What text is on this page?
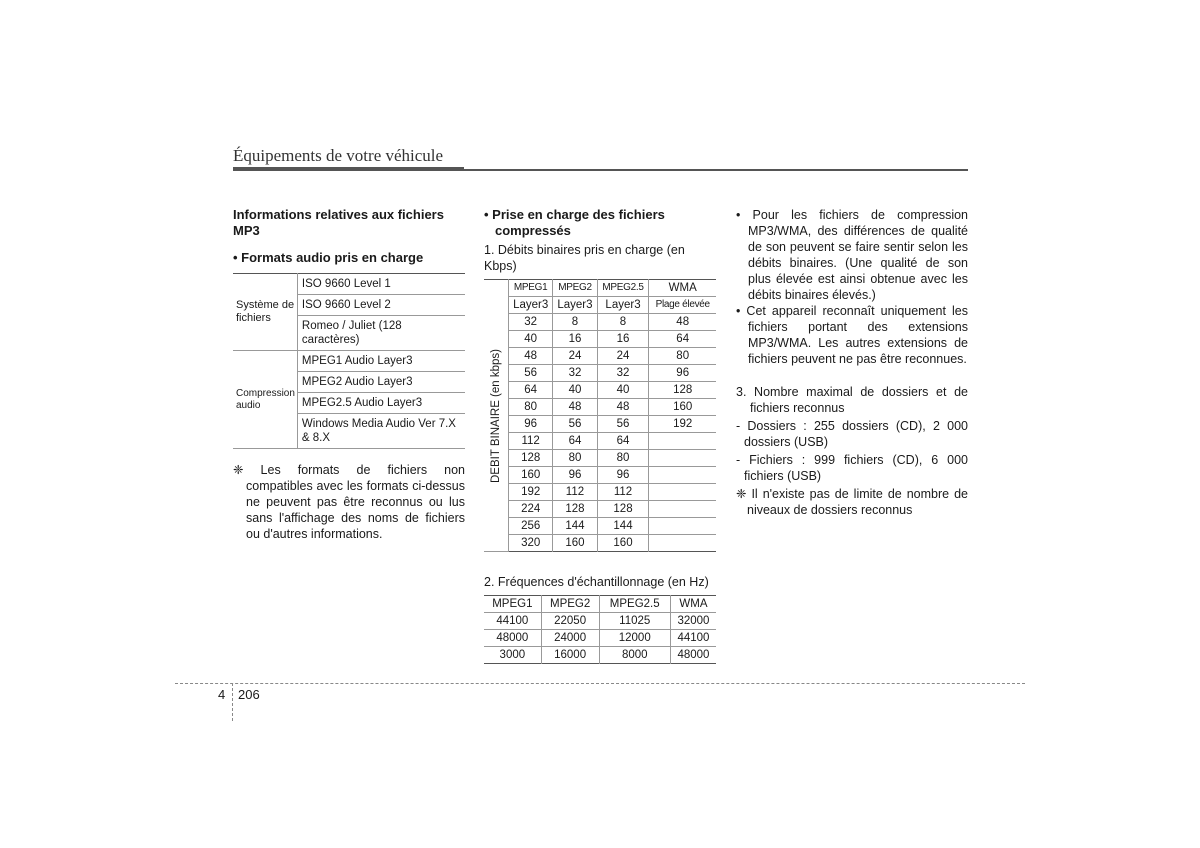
Équipements de votre véhicule
Informations relatives aux fichiers MP3
• Formats audio pris en charge
Système de fichiers	ISO 9660 Level 1
	ISO 9660 Level 2
	Romeo / Juliet (128 caractères)
Compression audio	MPEG1 Audio Layer3
	MPEG2 Audio Layer3
	MPEG2.5 Audio Layer3
	Windows Media Audio Ver 7.X & 8.X
❈ Les formats de fichiers non compatibles avec les formats ci-dessus ne peuvent pas être reconnus ou lus sans l'affichage des noms de fichiers ou d'autres informations.
• Prise en charge des fichiers compressés
1. Débits binaires pris en charge (en Kbps)
DEBIT BINAIRE (en kbps)	MPEG1	MPEG2	MPEG2.5	WMA
	Layer3	Layer3	Layer3	Plage élevée
	32	8	8	48
	40	16	16	64
	48	24	24	80
	56	32	32	96
	64	40	40	128
	80	48	48	160
	96	56	56	192
	112	64	64	
	128	80	80	
	160	96	96	
	192	112	112	
	224	128	128	
	256	144	144	
	320	160	160	
2. Fréquences d'échantillonnage (en Hz)
MPEG1	MPEG2	MPEG2.5	WMA
44100	22050	11025	32000
48000	24000	12000	44100
3000	16000	8000	48000

• Pour les fichiers de compression MP3/WMA, des différences de qualité de son peuvent se faire sentir selon les débits binaires. (Une qualité de son plus élevée est ainsi obtenue avec les débits binaires élevés.)

• Cet appareil reconnaît uniquement les fichiers portant des extensions MP3/WMA. Les autres extensions de fichiers peuvent ne pas être reconnues.

3. Nombre maximal de dossiers et de fichiers reconnus

- Dossiers : 255 dossiers (CD), 2 000 dossiers (USB)

- Fichiers : 999 fichiers (CD), 6 000 fichiers (USB)

❈ Il n'existe pas de limite de nombre de niveaux de dossiers reconnus

4 206
